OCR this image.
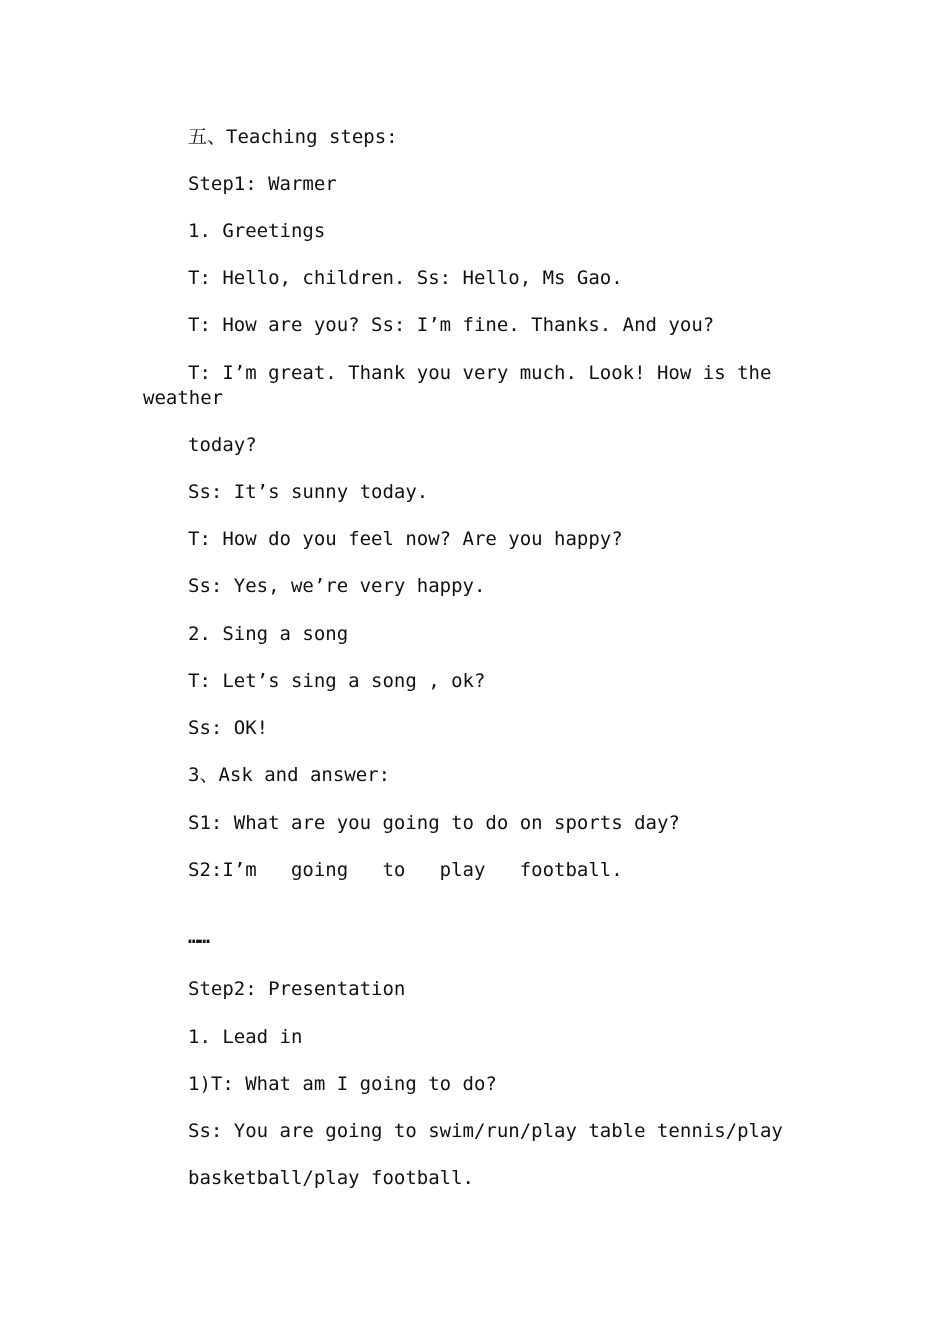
五、Teaching steps:
Step1: Warmer
1. Greetings
T: Hello, children. Ss: Hello, Ms Gao.
T: How are you? Ss: I’m fine. Thanks. And you?
T: I’m great. Thank you very much. Look! How is the
weather
today?
Ss: It’s sunny today.
T: How do you feel now? Are you happy?
Ss: Yes, we’re very happy.
2. Sing a song
T: Let’s sing a song , ok?
Ss: OK!
3、Ask and answer:
S1: What are you going to do on sports day?
S2:I’m   going   to   play   football.
……
Step2: Presentation
1. Lead in
1)T: What am I going to do?
Ss: You are going to swim/run/play table tennis/play
basketball/play football.
